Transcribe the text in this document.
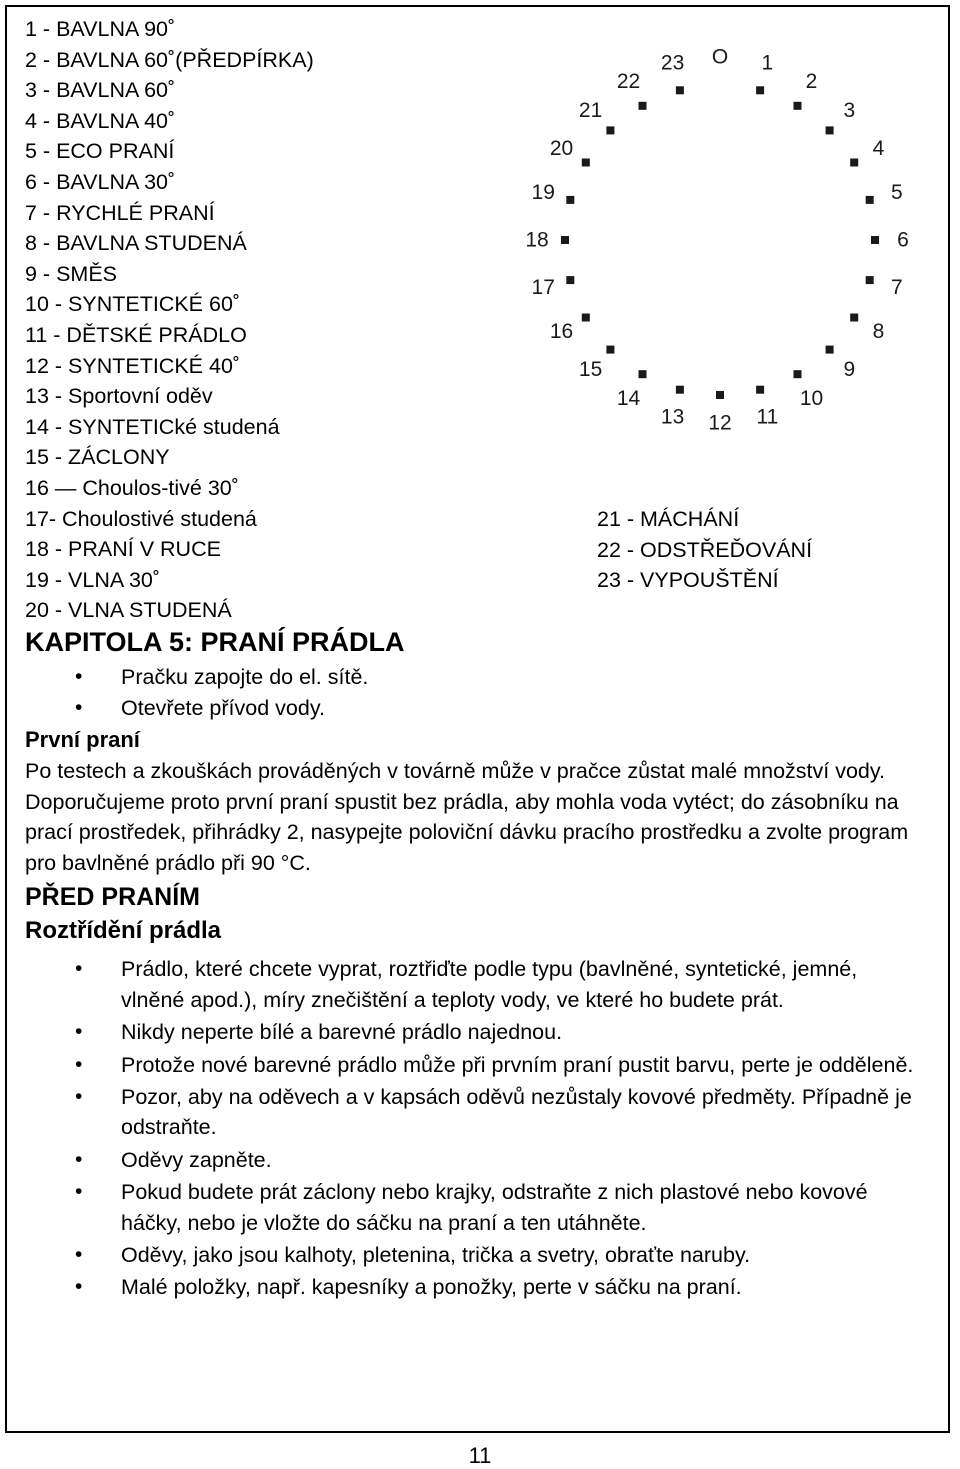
1 - BAVLNA 90˚
2 - BAVLNA 60˚(PŘEDPÍRKA)
3 - BAVLNA 60˚
4 - BAVLNA 40˚
5 - ECO PRANÍ
6 - BAVLNA 30˚
7 - RYCHLÉ PRANÍ
8 - BAVLNA STUDENÁ
9 - SMĚS
10 - SYNTETICKÉ 60˚
11 - DĚTSKÉ PRÁDLO
12 - SYNTETICKÉ 40˚
13 - Sportovní oděv
14 - SYNTETICké studená
15 - ZÁCLONY
16 — Choulos-tivé 30˚
17- Choulostivé studená
18 - PRANÍ V RUCE
19 - VLNA 30˚
20 - VLNA STUDENÁ
21 - MÁCHÁNÍ
22 - ODSTŘEĎOVÁNÍ
23 - VYPOUŠTĚNÍ
O 1
2
3
4
5
6
7
8
9
10
11
12
13
14
15
16
17
18
19
20
21
22
23
KAPITOLA 5: PRANÍ PRÁDLA
• Pračku zapojte do el. sítě.
• Otevřete přívod vody.
První praní

Po testech a zkouškách prováděných v továrně může v pračce zůstat malé množství vody. Doporučujeme proto první praní spustit bez prádla, aby mohla voda vytéct; do zásobníku na prací prostředek, přihrádky 2, nasypejte poloviční dávku pracího prostředku a zvolte program pro bavlněné prádlo při 90 °C.

PŘED PRANÍM
Roztřídění prádla
• Prádlo, které chcete vyprat, roztřiďte podle typu (bavlněné, syntetické, jemné, vlněné apod.), míry znečištění a teploty vody, ve které ho budete prát.
• Nikdy neperte bílé a barevné prádlo najednou.
• Protože nové barevné prádlo může při prvním praní pustit barvu, perte je odděleně.
• Pozor, aby na oděvech a v kapsách oděvů nezůstaly kovové předměty. Případně je odstraňte.
• Oděvy zapněte.
• Pokud budete prát záclony nebo krajky, odstraňte z nich plastové nebo kovové háčky, nebo je vložte do sáčku na praní a ten utáhněte.
• Oděvy, jako jsou kalhoty, pletenina, trička a svetry, obraťte naruby.
• Malé položky, např. kapesníky a ponožky, perte v sáčku na praní.
11
